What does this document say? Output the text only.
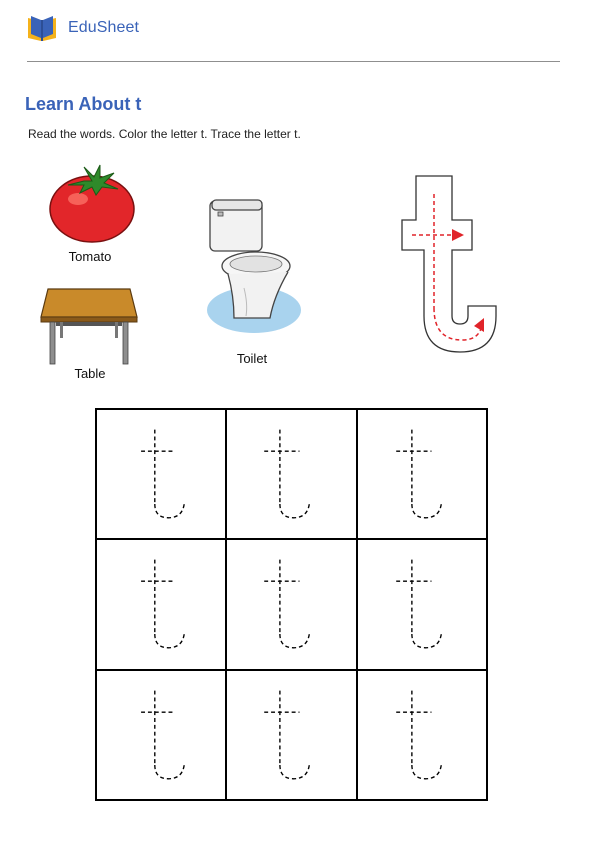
EduSheet
Learn About t
Read the words. Color the letter t. Trace the letter t.
Tomato
Table
Toilet
